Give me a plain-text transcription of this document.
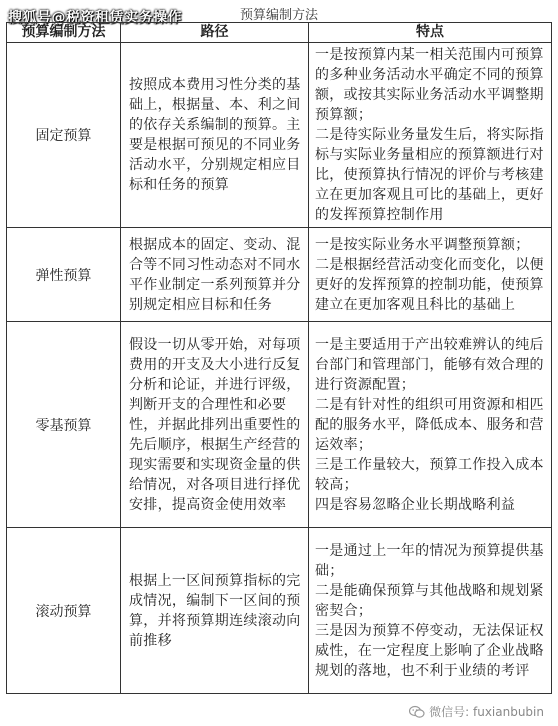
搜狐号@税资租赁实务操作	预算编制方法
预算编制方法	路径	特点
固定预算	按照成本费用习性分类的基础上，根据量、本、利之间的依存关系编制的预算。主要是根据可预见的不同业务活动水平，分别规定相应目标和任务的预算	一是按预算内某一相关范围内可预算的多种业务活动水平确定不同的预算额，或按其实际业务活动水平调整期预算额；
二是待实际业务量发生后，将实际指标与实际业务量相应的预算额进行对比，使预算执行情况的评价与考核建立在更加客观且可比的基础上，更好的发挥预算控制作用
弹性预算	根据成本的固定、变动、混合等不同习性动态对不同水平作业制定一系列预算并分别规定相应目标和任务	一是按实际业务水平调整预算额；
二是根据经营活动变化而变化，以便更好的发挥预算的控制功能，使预算建立在更加客观且科比的基础上
零基预算	假设一切从零开始，对每项费用的开支及大小进行反复分析和论证，并进行评级，判断开支的合理性和必要性，并据此排列出重要性的先后顺序，根据生产经营的现实需要和实现资金量的供给情况，对各项目进行择优安排，提高资金使用效率	一是主要适用于产出较难辨认的纯后台部门和管理部门，能够有效合理的进行资源配置；
二是有针对性的组织可用资源和相匹配的服务水平，降低成本、服务和营运效率；
三是工作量较大，预算工作投入成本较高；
四是容易忽略企业长期战略利益
滚动预算	根据上一区间预算指标的完成情况，编制下一区间的预算，并将预算期连续滚动向前推移	一是通过上一年的情况为预算提供基础；
二是能确保预算与其他战略和规划紧密契合；
三是因为预算不停变动，无法保证权威性，在一定程度上影响了企业战略规划的落地，也不利于业绩的考评
微信号: fuxianbubin
